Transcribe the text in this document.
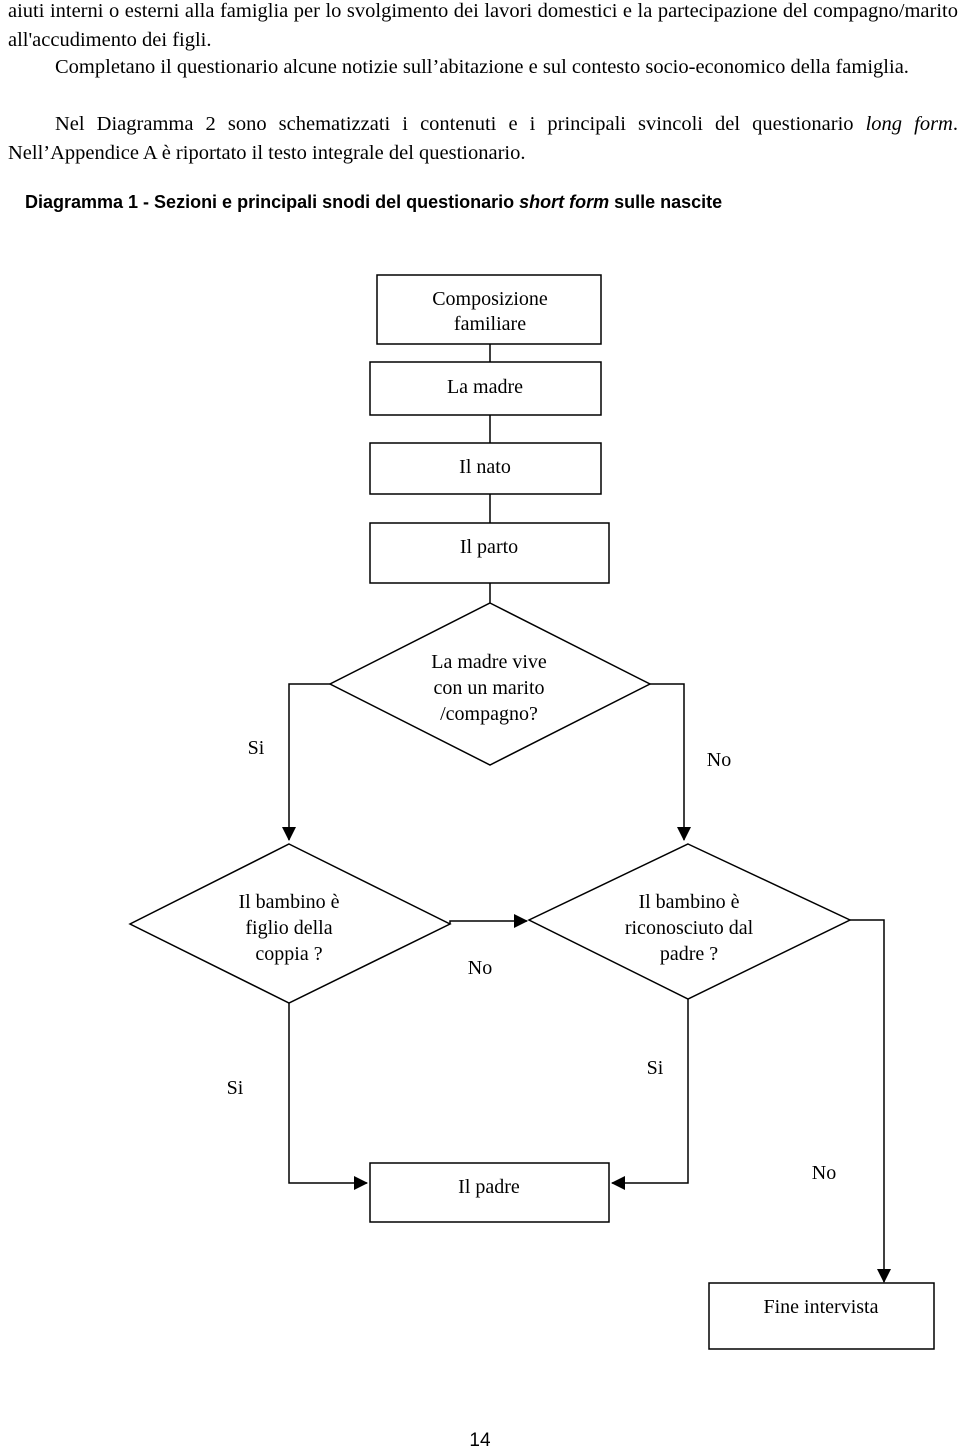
aiuti interni o esterni alla famiglia per lo svolgimento dei lavori domestici e la partecipazione del compagno/marito all'accudimento dei figli.
Completano il questionario alcune notizie sull’abitazione e sul contesto socio-economico della famiglia.
Nel Diagramma 2 sono schematizzati i contenuti e i principali svincoli del questionario long form. Nell’Appendice A è riportato il testo integrale del questionario.
Diagramma 1 - Sezioni e principali snodi del questionario short form sulle nascite
Composizione
familiare
La madre
Il nato
Il parto
La madre vive
con un marito
/compagno?
Si
No
Il bambino è
figlio della
coppia ?
No
Il bambino è
riconosciuto dal
padre ?
Si
Si
Il padre
No
Fine intervista
14
